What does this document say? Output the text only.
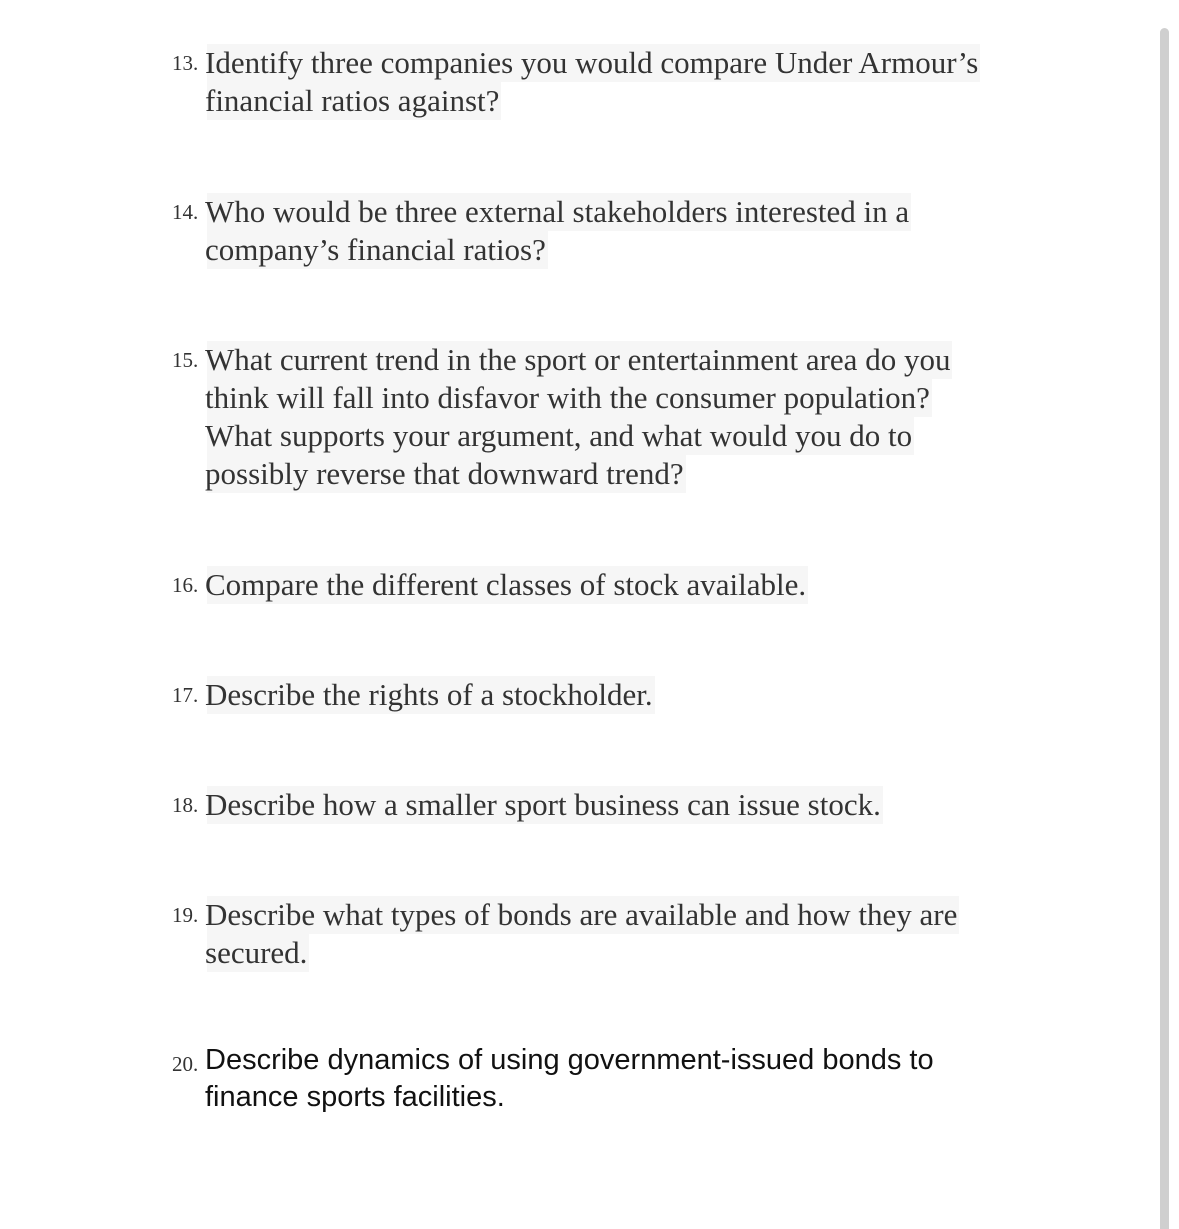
13. Identify three companies you would compare Under Armour’s
financial ratios against?
14. Who would be three external stakeholders interested in a
company’s financial ratios?
15. What current trend in the sport or entertainment area do you
think will fall into disfavor with the consumer population?
What supports your argument, and what would you do to
possibly reverse that downward trend?
16. Compare the different classes of stock available.
17. Describe the rights of a stockholder.
18. Describe how a smaller sport business can issue stock.
19. Describe what types of bonds are available and how they are
secured.
20. Describe dynamics of using government-issued bonds to
finance sports facilities.
